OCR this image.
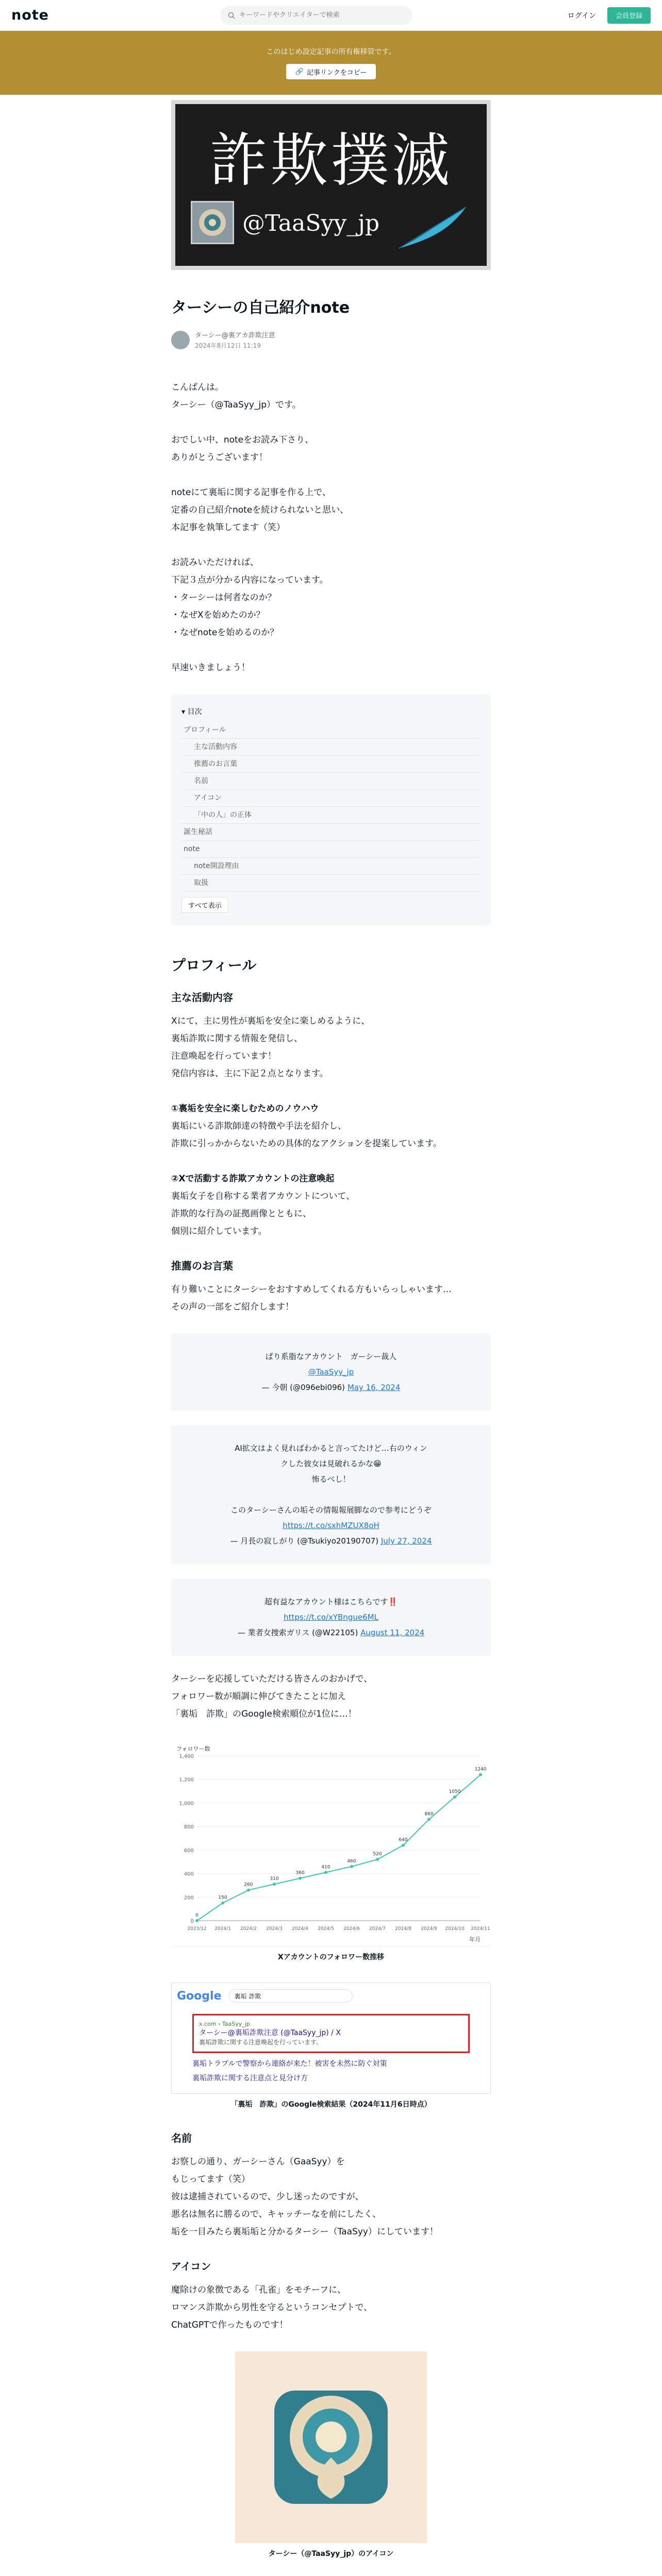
note
キーワードやクリエイターで検索	ログイン	会員登録
このはじめ設定記事の所有権移管です。
🔗 記事リンクをコピー
詐欺撲滅
@TaaSyy_jp
ターシーの自己紹介note
ターシー@裏アカ詐欺注意
2024年8月12日 11:19
こんばんは。
ターシー（@TaaSyy_jp）です。

おでしい中、noteをお読み下さり、
ありがとうございます！

noteにて裏垢に関する記事を作る上で、
定番の自己紹介noteを続けられないと思い、
本記事を執筆してます（笑）

お読みいただければ、
下記３点が分かる内容になっています。
・ターシーは何者なのか？
・なぜXを始めたのか？
・なぜnoteを始めるのか？

早速いきましょう！
▾ 目次
プロフィール
主な活動内容
推薦のお言葉
名前
アイコン
「中の人」の正体
誕生秘話
note
note開設理由
取扱
すべて表示
プロフィール
主な活動内容
Xにて、主に男性が裏垢を安全に楽しめるように、
裏垢詐欺に関する情報を発信し、
注意喚起を行っています！
発信内容は、主に下記２点となります。
①裏垢を安全に楽しむためのノウハウ
裏垢にいる詐欺師達の特徴や手法を紹介し、
詐欺に引っかからないための具体的なアクションを提案しています。
②Xで活動する詐欺アカウントの注意喚起
裏垢女子を自称する業者アカウントについて、
詐欺的な行為の証拠画像とともに、
個別に紹介しています。
推薦のお言葉
有り難いことにターシーをおすすめしてくれる方もいらっしゃいます…
その声の一部をご紹介します！
ぱり系脂なアカウント　ガーシー裁人
@TaaSyy_jp
— 今朝 (@096ebi096) May 16, 2024
AI拡文はよく見ればわかると言ってたけど…右のウィン
クした彼女は見破れるかな😁
怖るべし！

このターシーさんの垢その情報報展脚なので参考にどうぞ
https://t.co/sxhMZUX8oH
— 月長の寂しがり (@Tsukiyo20190707) July 27, 2024
超有益なアカウント様はこちらです‼️
https://t.co/xYBngue6ML
— 業者女捜索ガリス (@W22105) August 11, 2024
ターシーを応援していただける皆さんのおかげで、
フォロワー数が順調に伸びてきたことに加え
「裏垢　詐欺」のGoogle検索順位が1位に…！
0
200
400
600
800
1,000
1,200
1,400
フォロワー数
年月
2023/12 2024/1 2024/2 2024/3 2024/4 2024/5 2024/6 2024/7 2024/8 2024/9 2024/10 2024/11
0
150
260
310
360
410
460
520
640
860
1050
1240
Xアカウントのフォロワー数推移
Google	裏垢 詐欺
x.com › TaaSyy_jp
ターシー@裏垢詐欺注意 (@TaaSyy_jp) / X
裏垢詐欺に関する注意喚起を行っています。
裏垢トラブルで警察から連絡が来た！被害を未然に防ぐ対策
裏垢詐欺に関する注意点と見分け方
「裏垢　詐欺」のGoogle検索結果（2024年11月6日時点）
名前
お察しの通り、ガーシーさん（GaaSyy）を
もじってます（笑）
彼は逮捕されているので、少し迷ったのですが、
悪名は無名に勝るので、キャッチーなを前にしたく、
垢を一目みたら裏垢垢と分かるターシー（TaaSyy）にしています！
アイコン
魔除けの象徴である「孔雀」をモチーフに、
ロマンス詐欺から男性を守るというコンセプトで、
ChatGPTで作ったものです！
ターシー（@TaaSyy_jp）のアイコン
